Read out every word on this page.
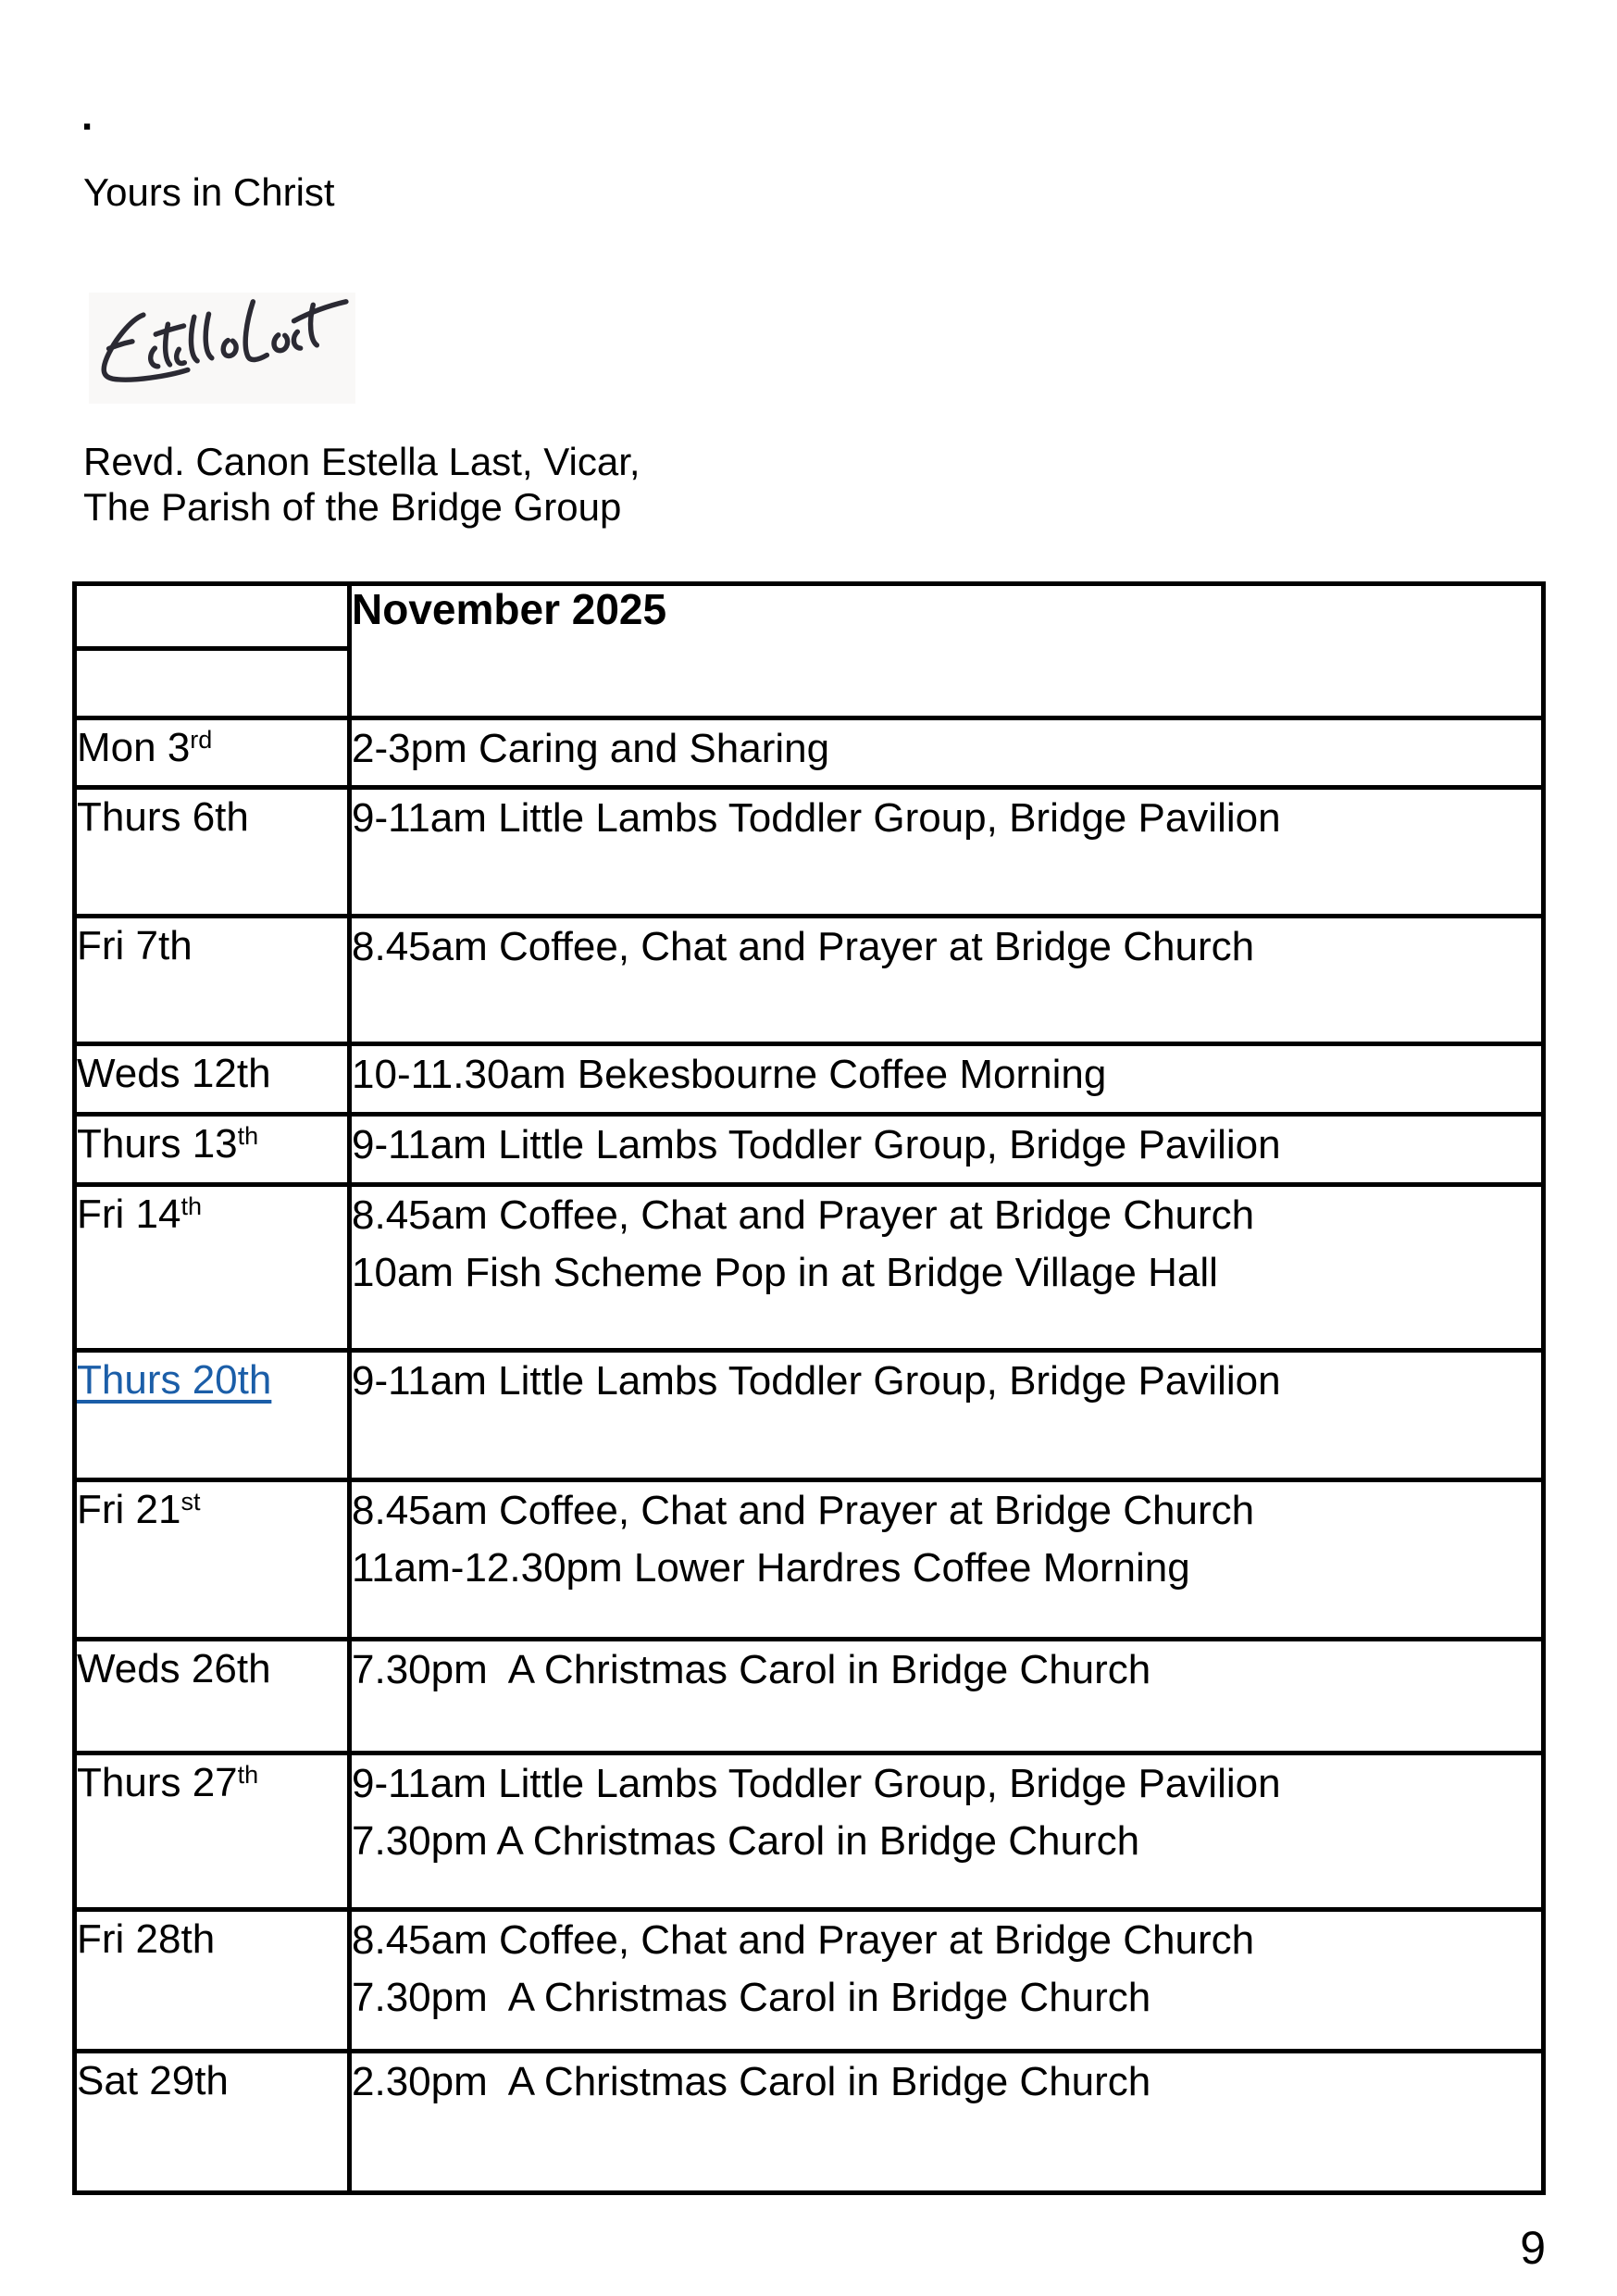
.
Yours in Christ
Revd. Canon Estella Last, Vicar,
The Parish of the Bridge Group
	November 2025

Mon 3rd	2-3pm Caring and Sharing

Thurs 6th	9-11am Little Lambs Toddler Group, Bridge Pavilion

Fri 7th	8.45am Coffee, Chat and Prayer at Bridge Church

Weds 12th	10-11.30am Bekesbourne Coffee Morning

Thurs 13th	9-11am Little Lambs Toddler Group, Bridge Pavilion

Fri 14th	8.45am Coffee, Chat and Prayer at Bridge Church
10am Fish Scheme Pop in at Bridge Village Hall

Thurs 20th	9-11am Little Lambs Toddler Group, Bridge Pavilion

Fri 21st	8.45am Coffee, Chat and Prayer at Bridge Church
11am-12.30pm Lower Hardres Coffee Morning

Weds 26th	7.30pm  A Christmas Carol in Bridge Church

Thurs 27th	9-11am Little Lambs Toddler Group, Bridge Pavilion
7.30pm A Christmas Carol in Bridge Church

Fri 28th	8.45am Coffee, Chat and Prayer at Bridge Church
7.30pm  A Christmas Carol in Bridge Church

Sat 29th	2.30pm  A Christmas Carol in Bridge Church
9
